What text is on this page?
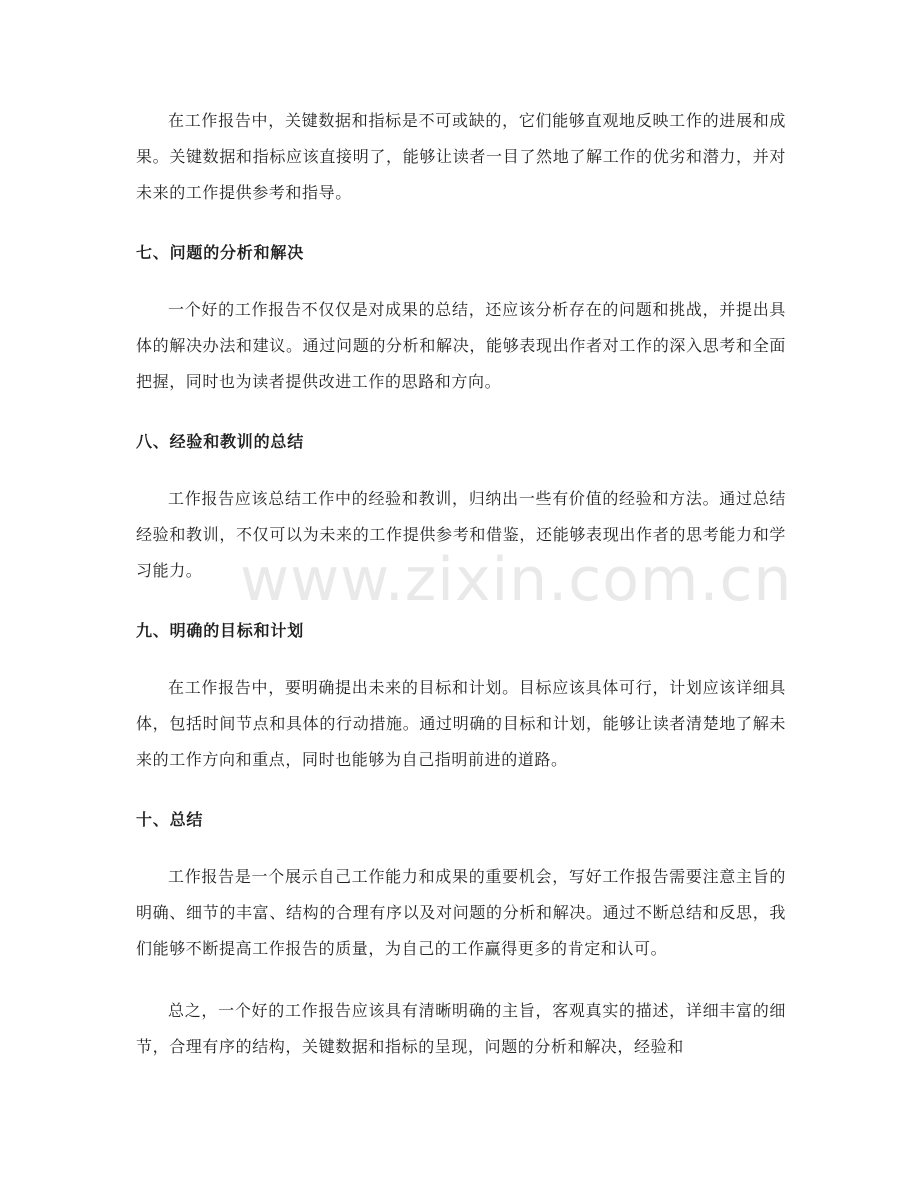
www.zixin.com.cn

在工作报告中，关键数据和指标是不可或缺的，它们能够直观地反映工作的进展和成果。关键数据和指标应该直接明了，能够让读者一目了然地了解工作的优劣和潜力，并对未来的工作提供参考和指导。

七、问题的分析和解决

一个好的工作报告不仅仅是对成果的总结，还应该分析存在的问题和挑战，并提出具体的解决办法和建议。通过问题的分析和解决，能够表现出作者对工作的深入思考和全面把握，同时也为读者提供改进工作的思路和方向。

八、经验和教训的总结

工作报告应该总结工作中的经验和教训，归纳出一些有价值的经验和方法。通过总结经验和教训，不仅可以为未来的工作提供参考和借鉴，还能够表现出作者的思考能力和学习能力。

九、明确的目标和计划

在工作报告中，要明确提出未来的目标和计划。目标应该具体可行，计划应该详细具体，包括时间节点和具体的行动措施。通过明确的目标和计划，能够让读者清楚地了解未来的工作方向和重点，同时也能够为自己指明前进的道路。

十、总结

工作报告是一个展示自己工作能力和成果的重要机会，写好工作报告需要注意主旨的明确、细节的丰富、结构的合理有序以及对问题的分析和解决。通过不断总结和反思，我们能够不断提高工作报告的质量，为自己的工作赢得更多的肯定和认可。

总之，一个好的工作报告应该具有清晰明确的主旨，客观真实的描述，详细丰富的细节，合理有序的结构，关键数据和指标的呈现，问题的分析和解决，经验和
